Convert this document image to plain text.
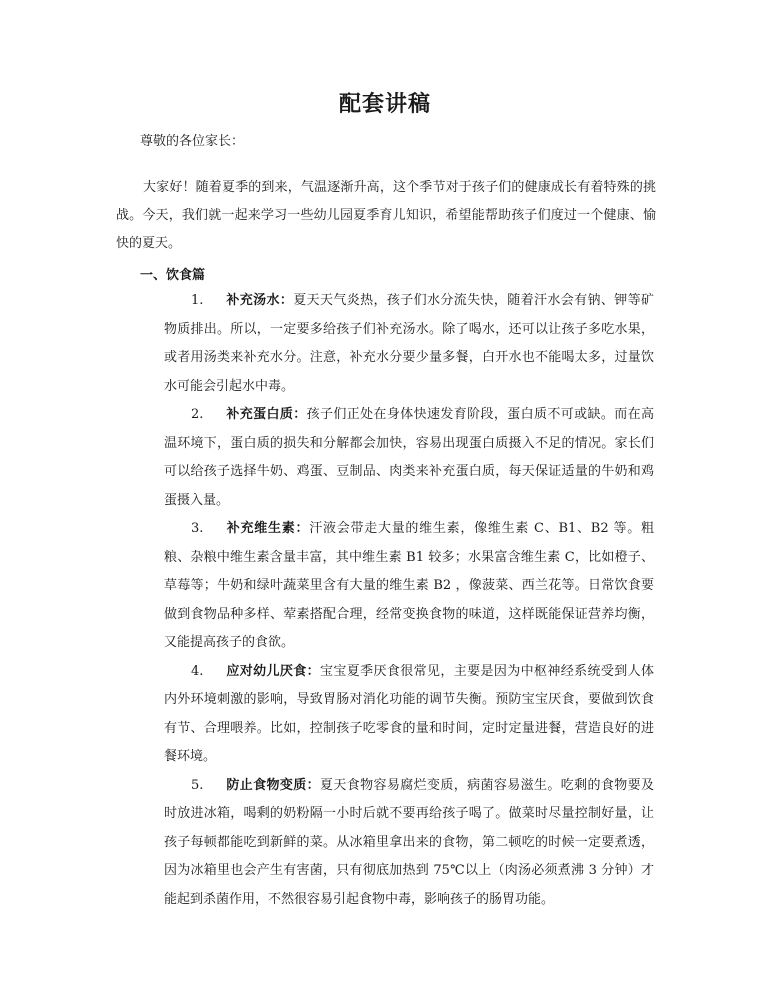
配套讲稿
尊敬的各位家长：

大家好！随着夏季的到来，气温逐渐升高，这个季节对于孩子们的健康成长有着特殊的挑战。今天，我们就一起来学习一些幼儿园夏季育儿知识，希望能帮助孩子们度过一个健康、愉快的夏天。

一、饮食篇

1. 补充汤水：夏天天气炎热，孩子们水分流失快，随着汗水会有钠、钾等矿物质排出。所以，一定要多给孩子们补充汤水。除了喝水，还可以让孩子多吃水果，或者用汤类来补充水分。注意，补充水分要少量多餐，白开水也不能喝太多，过量饮水可能会引起水中毒。

2. 补充蛋白质：孩子们正处在身体快速发育阶段，蛋白质不可或缺。而在高温环境下，蛋白质的损失和分解都会加快，容易出现蛋白质摄入不足的情况。家长们可以给孩子选择牛奶、鸡蛋、豆制品、肉类来补充蛋白质，每天保证适量的牛奶和鸡蛋摄入量。

3. 补充维生素：汗液会带走大量的维生素，像维生素 C、B1、B2 等。粗粮、杂粮中维生素含量丰富，其中维生素 B1 较多；水果富含维生素 C，比如橙子、草莓等；牛奶和绿叶蔬菜里含有大量的维生素 B2 ，像菠菜、西兰花等。日常饮食要做到食物品种多样、荤素搭配合理，经常变换食物的味道，这样既能保证营养均衡，又能提高孩子的食欲。

4. 应对幼儿厌食：宝宝夏季厌食很常见，主要是因为中枢神经系统受到人体内外环境刺激的影响，导致胃肠对消化功能的调节失衡。预防宝宝厌食，要做到饮食有节、合理喂养。比如，控制孩子吃零食的量和时间，定时定量进餐，营造良好的进餐环境。

5. 防止食物变质：夏天食物容易腐烂变质，病菌容易滋生。吃剩的食物要及时放进冰箱，喝剩的奶粉隔一小时后就不要再给孩子喝了。做菜时尽量控制好量，让孩子每顿都能吃到新鲜的菜。从冰箱里拿出来的食物，第二顿吃的时候一定要煮透，因为冰箱里也会产生有害菌，只有彻底加热到 75℃以上（肉汤必须煮沸 3 分钟）才能起到杀菌作用，不然很容易引起食物中毒，影响孩子的肠胃功能。
